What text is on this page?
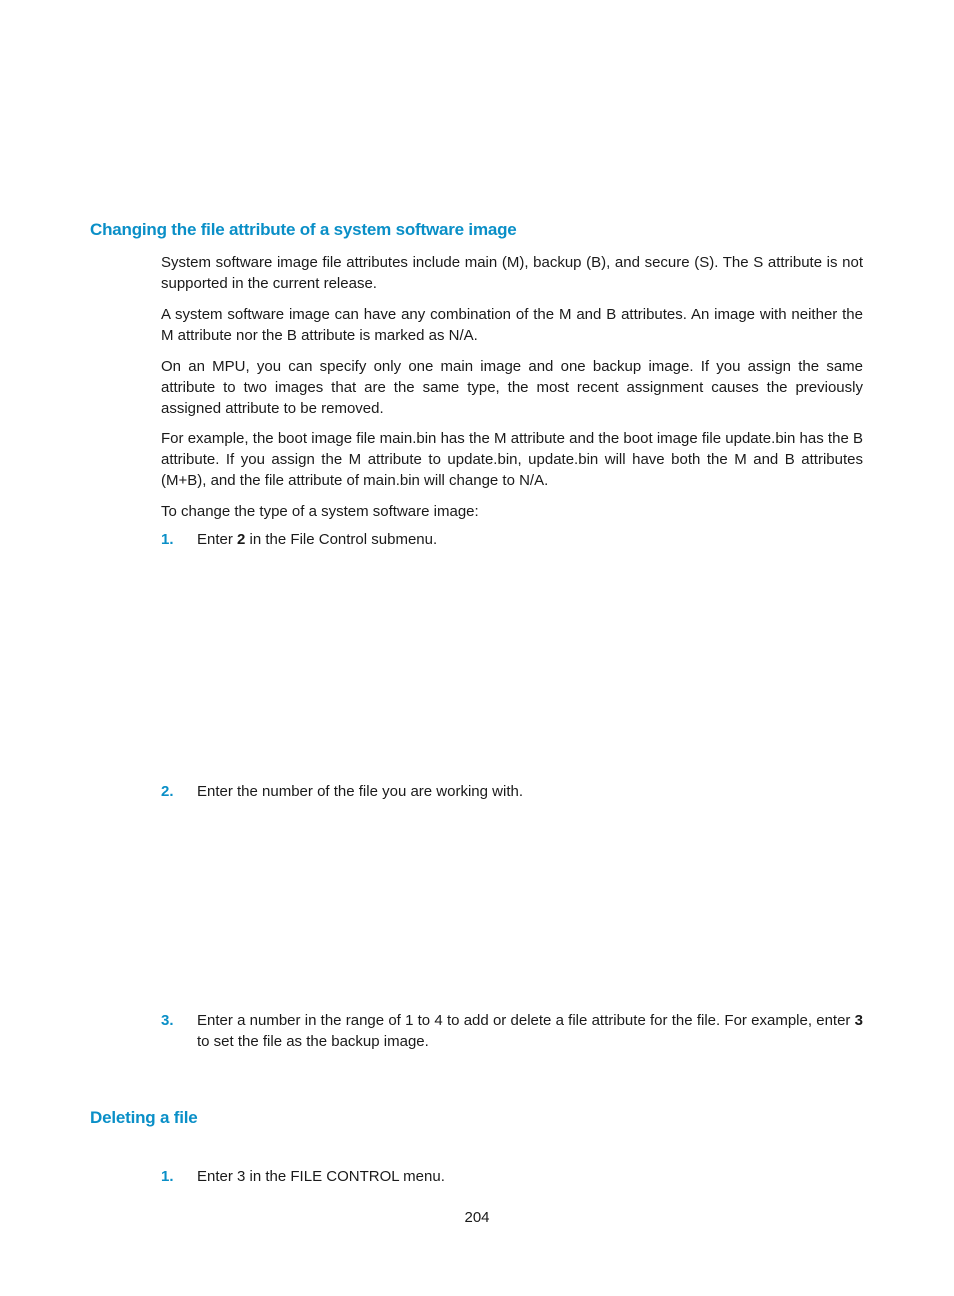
Changing the file attribute of a system software image

System software image file attributes include main (M), backup (B), and secure (S). The S attribute is not supported in the current release.

A system software image can have any combination of the M and B attributes. An image with neither the M attribute nor the B attribute is marked as N/A.

On an MPU, you can specify only one main image and one backup image. If you assign the same attribute to two images that are the same type, the most recent assignment causes the previously assigned attribute to be removed.

For example, the boot image file main.bin has the M attribute and the boot image file update.bin has the B attribute. If you assign the M attribute to update.bin, update.bin will have both the M and B attributes (M+B), and the file attribute of main.bin will change to N/A.

To change the type of a system software image:

1. Enter 2 in the File Control submenu.
2. Enter the number of the file you are working with.
3. Enter a number in the range of 1 to 4 to add or delete a file attribute for the file. For example, enter 3 to set the file as the backup image.
Deleting a file
1. Enter 3 in the FILE CONTROL menu.
204
